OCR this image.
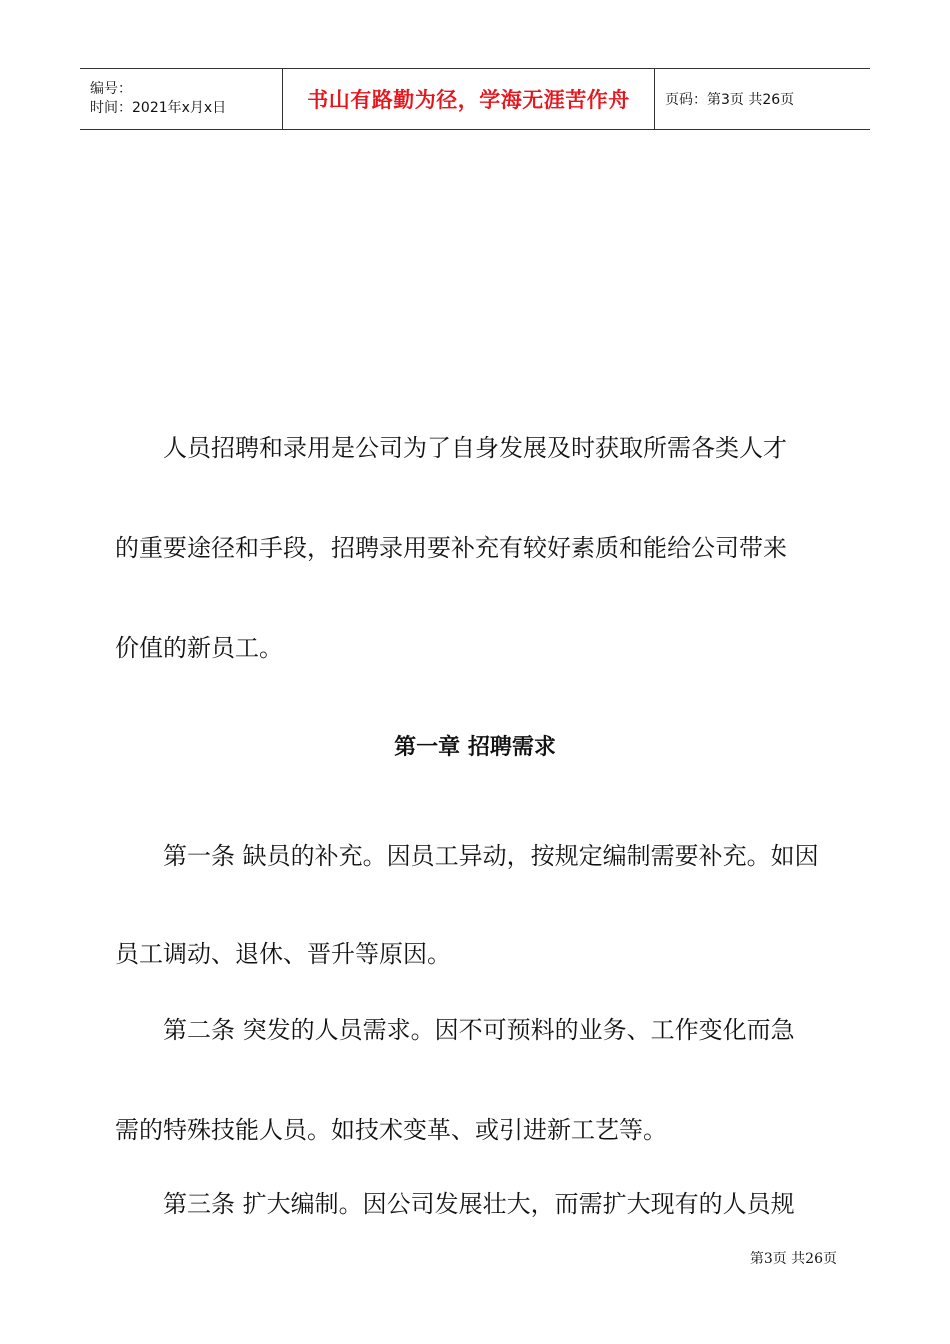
编号：
时间：2021年x月x日	书山有路勤为径，学海无涯苦作舟	页码：第3页 共26页

人员招聘和录用是公司为了自身发展及时获取所需各类人才

的重要途径和手段，招聘录用要补充有较好素质和能给公司带来

价值的新员工。

第一章 招聘需求

第一条 缺员的补充。因员工异动，按规定编制需要补充。如因

员工调动、退休、晋升等原因。

第二条 突发的人员需求。因不可预料的业务、工作变化而急

需的特殊技能人员。如技术变革、或引进新工艺等。

第三条 扩大编制。因公司发展壮大，而需扩大现有的人员规

第3页 共26页
